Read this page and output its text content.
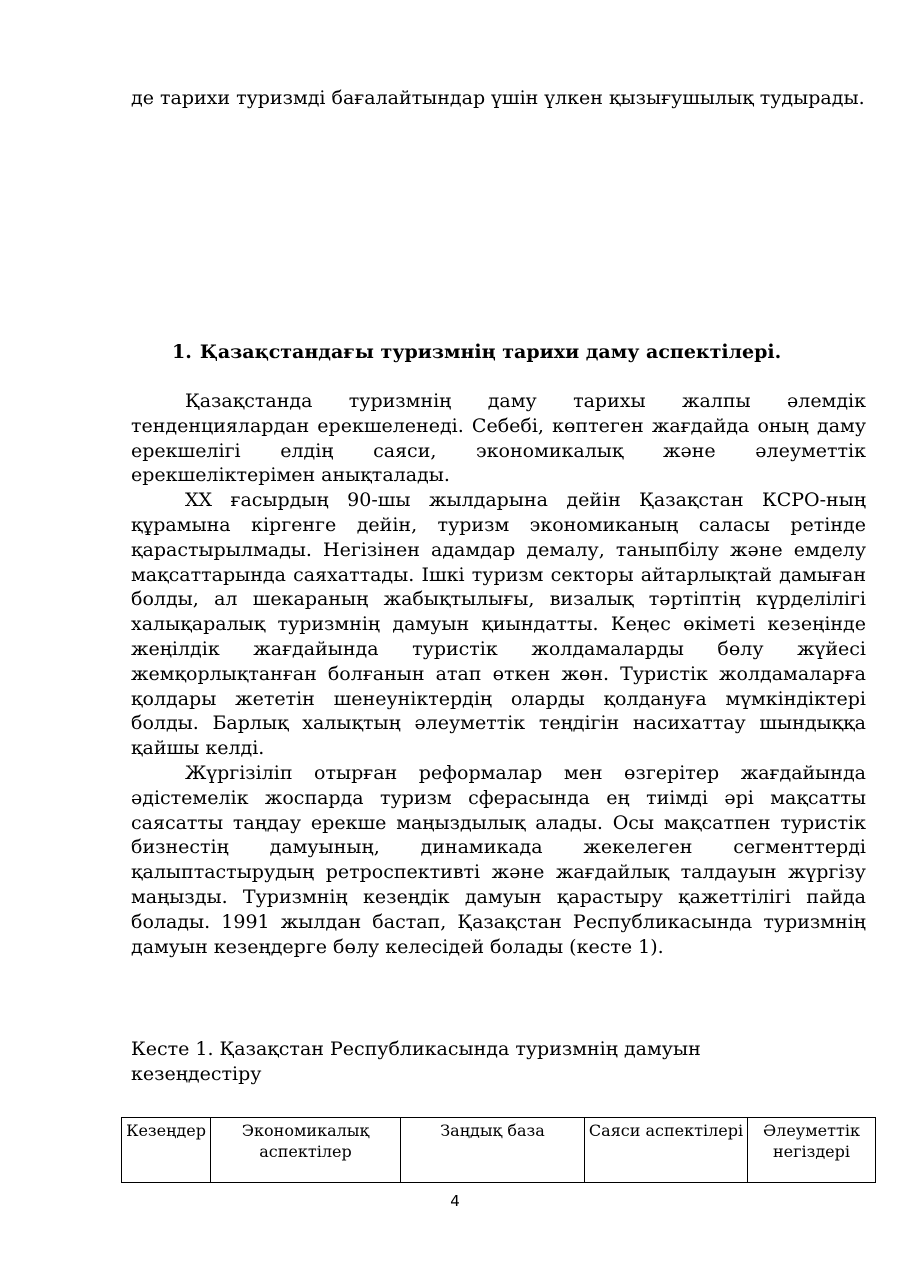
де тарихи туризмді бағалайтындар үшін үлкен қызығушылық тудырады.

1. Қазақстандағы туризмнің тарихи даму аспектілері.

Қазақстанда туризмнің даму тарихы жалпы әлемдік тенденциялардан ерекшеленеді. Себебі, көптеген жағдайда оның даму ерекшелігі елдің саяси, экономикалық және әлеуметтік ерекшеліктерімен анықталады.

ХХ ғасырдың 90-шы жылдарына дейін Қазақстан КСРО-ның құрамына кіргенге дейін, туризм экономиканың саласы ретінде қарастырылмады. Негізінен адамдар демалу, таныпбілу және емделу мақсаттарында саяхаттады. Ішкі туризм секторы айтарлықтай дамыған болды, ал шекараның жабықтылығы, визалық тәртіптің күрделілігі халықаралық туризмнің дамуын қиындатты. Кеңес өкіметі кезеңінде жеңілдік жағдайында туристік жолдамаларды бөлу жүйесі жемқорлықтанған болғанын атап өткен жөн. Туристік жолдамаларға қолдары жететін шенеуніктердің оларды қолдануға мүмкіндіктері болды. Барлық халықтың әлеуметтік теңдігін насихаттау шындыққа қайшы келді.

Жүргізіліп отырған реформалар мен өзгерітер жағдайында әдістемелік жоспарда туризм сферасында ең тиімді әрі мақсатты саясатты таңдау ерекше маңыздылық алады. Осы мақсатпен туристік бизнестің дамуының, динамикада жекелеген сегменттерді қалыптастырудың ретроспективті және жағдайлық талдауын жүргізу маңызды. Туризмнің кезеңдік дамуын қарастыру қажеттілігі пайда болады. 1991 жылдан бастап, Қазақстан Республикасында туризмнің дамуын кезеңдерге бөлу келесідей болады (кесте 1).

Кесте 1. Қазақстан Республикасында туризмнің дамуын кезеңдестіру
Кезеңдер	Экономикалық аспектілер	Заңдық база	Саяси аспектілері	Әлеуметтік негіздері
4
